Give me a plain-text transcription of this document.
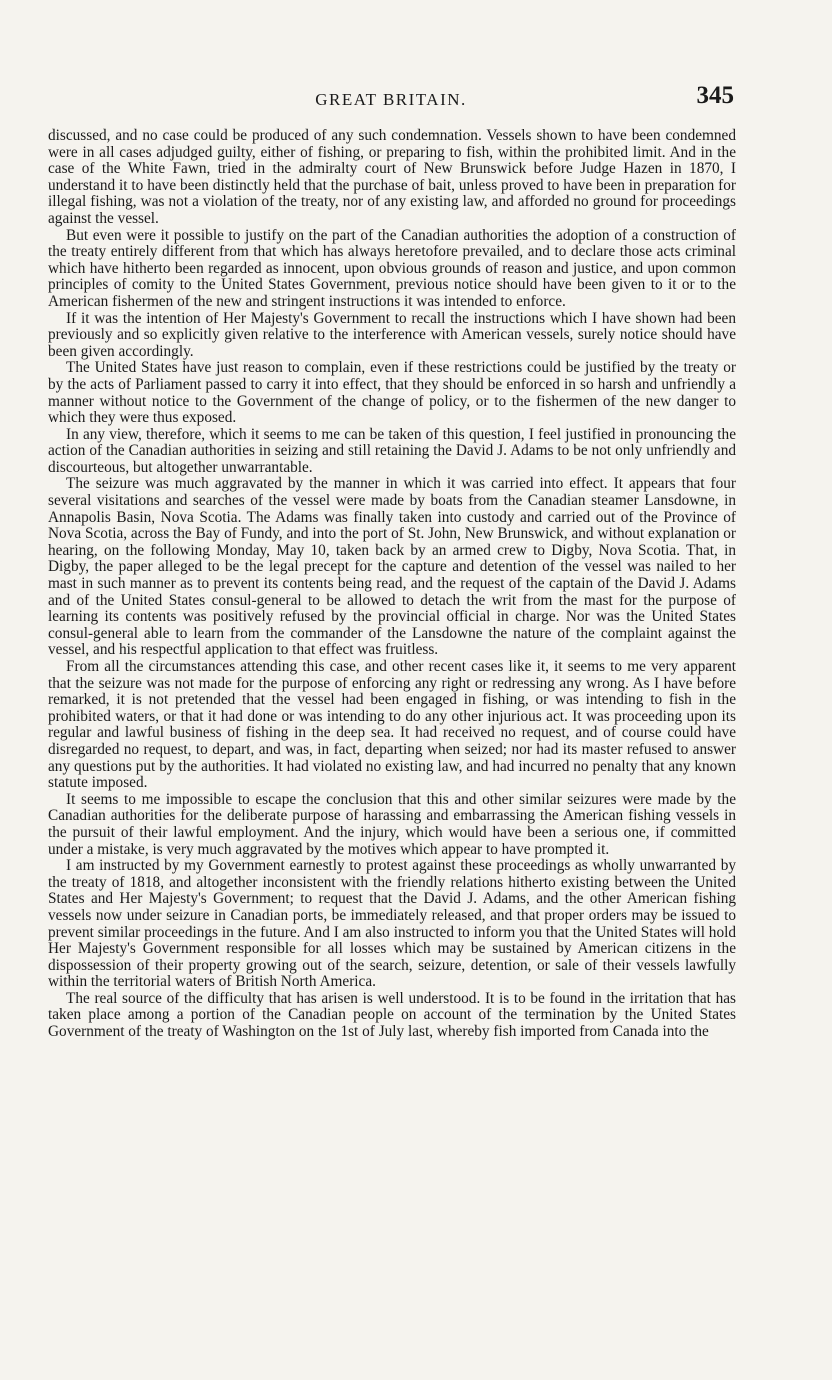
GREAT BRITAIN.	345

discussed, and no case could be produced of any such condemnation. Vessels shown to have been condemned were in all cases adjudged guilty, either of fishing, or preparing to fish, within the prohibited limit. And in the case of the White Fawn, tried in the admiralty court of New Brunswick before Judge Hazen in 1870, I understand it to have been distinctly held that the purchase of bait, unless proved to have been in preparation for illegal fishing, was not a violation of the treaty, nor of any existing law, and afforded no ground for proceedings against the vessel.

But even were it possible to justify on the part of the Canadian authorities the adoption of a construction of the treaty entirely different from that which has always heretofore prevailed, and to declare those acts criminal which have hitherto been regarded as innocent, upon obvious grounds of reason and justice, and upon common principles of comity to the United States Government, previous notice should have been given to it or to the American fishermen of the new and stringent instructions it was intended to enforce.

If it was the intention of Her Majesty's Government to recall the instructions which I have shown had been previously and so explicitly given relative to the interference with American vessels, surely notice should have been given accordingly.

The United States have just reason to complain, even if these restrictions could be justified by the treaty or by the acts of Parliament passed to carry it into effect, that they should be enforced in so harsh and unfriendly a manner without notice to the Government of the change of policy, or to the fishermen of the new danger to which they were thus exposed.

In any view, therefore, which it seems to me can be taken of this question, I feel justified in pronouncing the action of the Canadian authorities in seizing and still retaining the David J. Adams to be not only unfriendly and discourteous, but altogether unwarrantable.

The seizure was much aggravated by the manner in which it was carried into effect. It appears that four several visitations and searches of the vessel were made by boats from the Canadian steamer Lansdowne, in Annapolis Basin, Nova Scotia. The Adams was finally taken into custody and carried out of the Province of Nova Scotia, across the Bay of Fundy, and into the port of St. John, New Brunswick, and without explanation or hearing, on the following Monday, May 10, taken back by an armed crew to Digby, Nova Scotia. That, in Digby, the paper alleged to be the legal precept for the capture and detention of the vessel was nailed to her mast in such manner as to prevent its contents being read, and the request of the captain of the David J. Adams and of the United States consul-general to be allowed to detach the writ from the mast for the purpose of learning its contents was positively refused by the provincial official in charge. Nor was the United States consul-general able to learn from the commander of the Lansdowne the nature of the complaint against the vessel, and his respectful application to that effect was fruitless.

From all the circumstances attending this case, and other recent cases like it, it seems to me very apparent that the seizure was not made for the purpose of enforcing any right or redressing any wrong. As I have before remarked, it is not pretended that the vessel had been engaged in fishing, or was intending to fish in the prohibited waters, or that it had done or was intending to do any other injurious act. It was proceeding upon its regular and lawful business of fishing in the deep sea. It had received no request, and of course could have disregarded no request, to depart, and was, in fact, departing when seized; nor had its master refused to answer any questions put by the authorities. It had violated no existing law, and had incurred no penalty that any known statute imposed.

It seems to me impossible to escape the conclusion that this and other similar seizures were made by the Canadian authorities for the deliberate purpose of harassing and embarrassing the American fishing vessels in the pursuit of their lawful employment. And the injury, which would have been a serious one, if committed under a mistake, is very much aggravated by the motives which appear to have prompted it.

I am instructed by my Government earnestly to protest against these proceedings as wholly unwarranted by the treaty of 1818, and altogether inconsistent with the friendly relations hitherto existing between the United States and Her Majesty's Government; to request that the David J. Adams, and the other American fishing vessels now under seizure in Canadian ports, be immediately released, and that proper orders may be issued to prevent similar proceedings in the future. And I am also instructed to inform you that the United States will hold Her Majesty's Government responsible for all losses which may be sustained by American citizens in the dispossession of their property growing out of the search, seizure, detention, or sale of their vessels lawfully within the territorial waters of British North America.

The real source of the difficulty that has arisen is well understood. It is to be found in the irritation that has taken place among a portion of the Canadian people on account of the termination by the United States Government of the treaty of Washington on the 1st of July last, whereby fish imported from Canada into the
